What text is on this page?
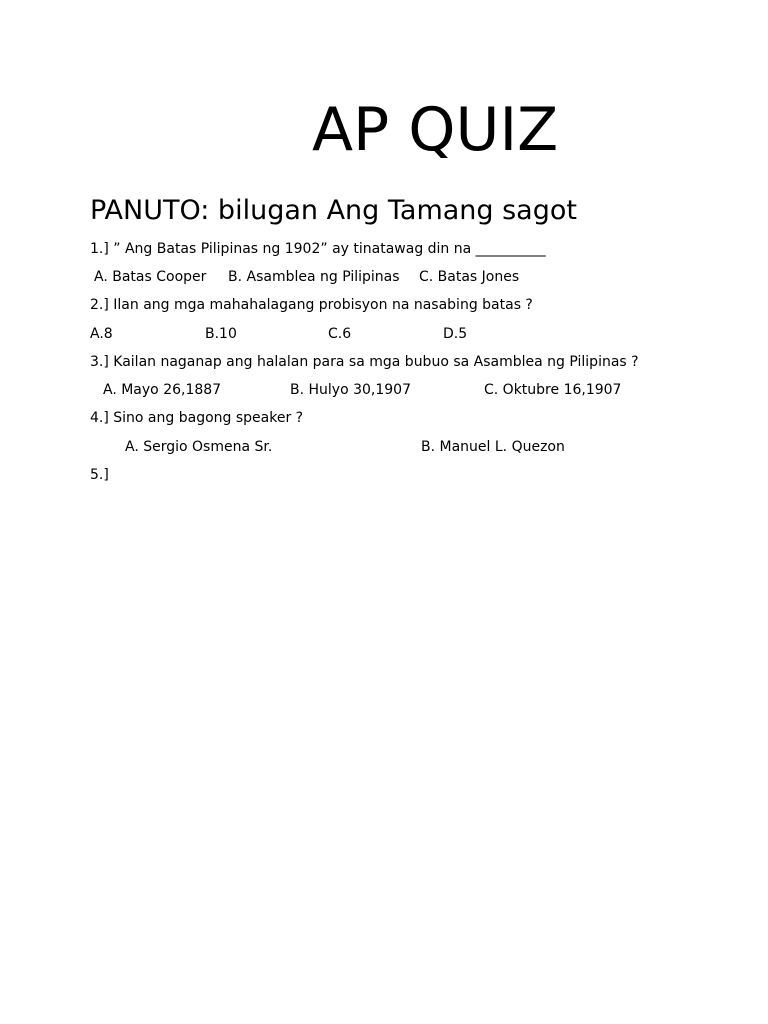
AP QUIZ
PANUTO: bilugan Ang Tamang sagot
1.] ” Ang Batas Pilipinas ng 1902” ay tinatawag din na __________
A. Batas Cooper B. Asamblea ng Pilipinas C. Batas Jones
2.] Ilan ang mga mahahalagang probisyon na nasabing batas ?
A.8	B.10	C.6	D.5
3.] Kailan naganap ang halalan para sa mga bubuo sa Asamblea ng Pilipinas ?
A. Mayo 26,1887	B. Hulyo 30,1907	C. Oktubre 16,1907
4.] Sino ang bagong speaker ?
A. Sergio Osmena Sr.	B. Manuel L. Quezon
5.]
